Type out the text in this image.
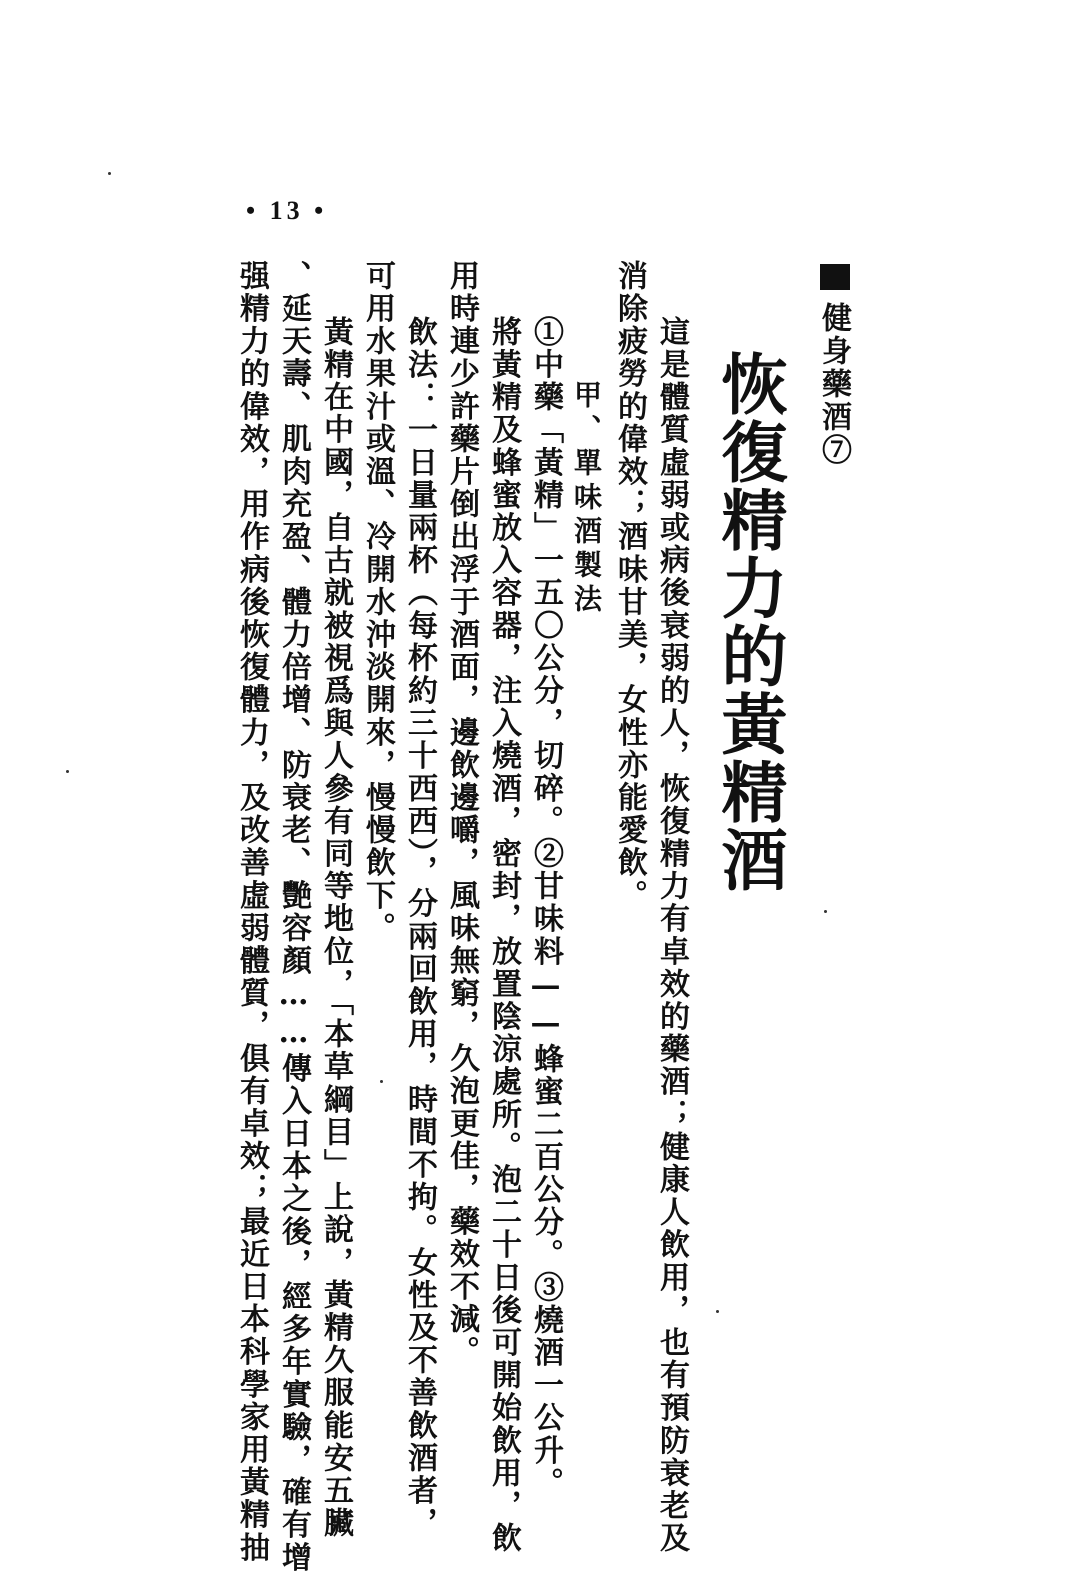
• 13 •
健身藥酒⑦
恢復精力的黃精酒
這是體質虛弱或病後衰弱的人，恢復精力有卓效的藥酒；健康人飲用，也有預防衰老及
消除疲勞的偉效；酒味甘美，女性亦能愛飲。
甲、單味酒製法
①中藥「黃精」一五〇公分，切碎。②甘味料——蜂蜜二百公分。③燒酒一公升。
將黃精及蜂蜜放入容器，注入燒酒，密封，放置陰涼處所。泡二十日後可開始飲用，飲
用時連少許藥片倒出浮于酒面，邊飲邊嚼，風味無窮，久泡更佳，藥效不減。
飲法：一日量兩杯（每杯約三十西西），分兩回飲用，時間不拘。女性及不善飲酒者，
可用水果汁或溫、冷開水沖淡開來，慢慢飲下。
黃精在中國，自古就被視爲與人參有同等地位，「本草綱目」上說，黃精久服能安五臟
、延天壽、肌肉充盈、體力倍增、防衰老、艷容顏……傳入日本之後，經多年實驗，確有增
强精力的偉效，用作病後恢復體力，及改善虛弱體質，俱有卓效；最近日本科學家用黃精抽
